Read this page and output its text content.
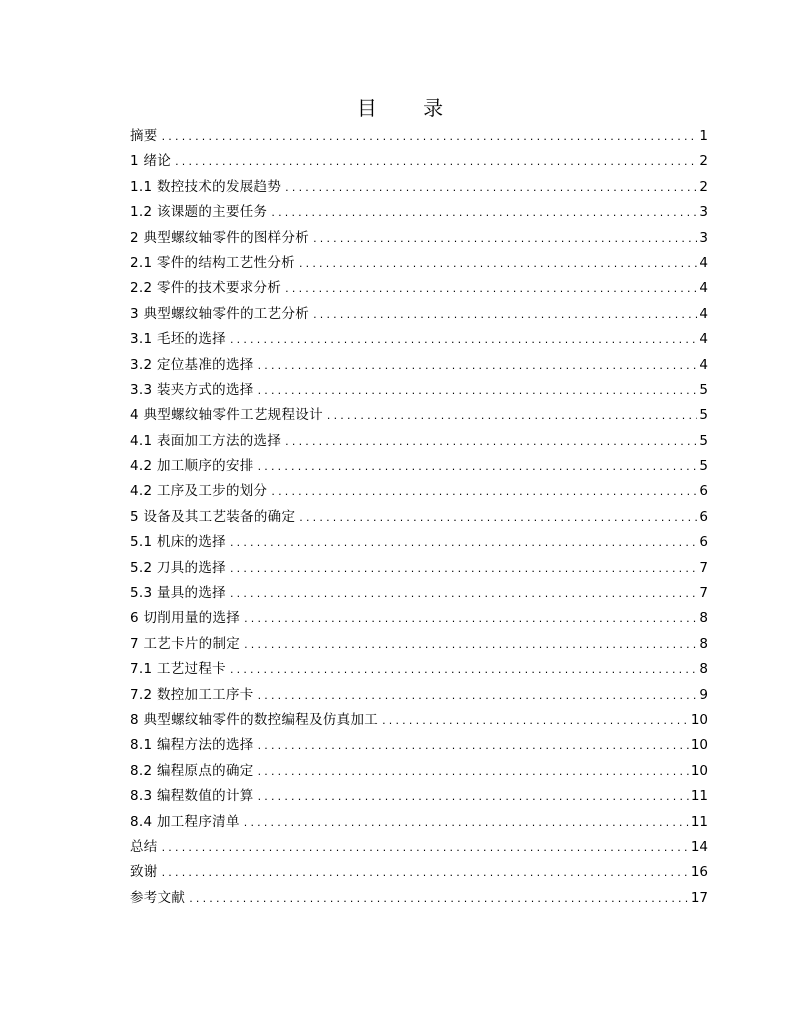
目 录
摘要 .....	1
1 绪论 .....	2
1.1 数控技术的发展趋势 .....	2
1.2 该课题的主要任务 .....	3
2 典型螺纹轴零件的图样分析 .....	3
2.1 零件的结构工艺性分析 .....	4
2.2 零件的技术要求分析 .....	4
3 典型螺纹轴零件的工艺分析 .....	4
3.1 毛坯的选择 .....	4
3.2 定位基准的选择 .....	4
3.3 装夹方式的选择 .....	5
4 典型螺纹轴零件工艺规程设计 .....	5
4.1 表面加工方法的选择 .....	5
4.2 加工顺序的安排 .....	5
4.2 工序及工步的划分 .....	6
5 设备及其工艺装备的确定 .....	6
5.1 机床的选择 .....	6
5.2 刀具的选择 .....	7
5.3 量具的选择 .....	7
6 切削用量的选择 .....	8
7 工艺卡片的制定 .....	8
7.1 工艺过程卡 .....	8
7.2 数控加工工序卡 .....	9
8 典型螺纹轴零件的数控编程及仿真加工 .....	10
8.1 编程方法的选择 .....	10
8.2 编程原点的确定 .....	10
8.3 编程数值的计算 .....	11
8.4 加工程序清单 .....	11
总结 .....	14
致谢 .....	16
参考文献 .....	17
